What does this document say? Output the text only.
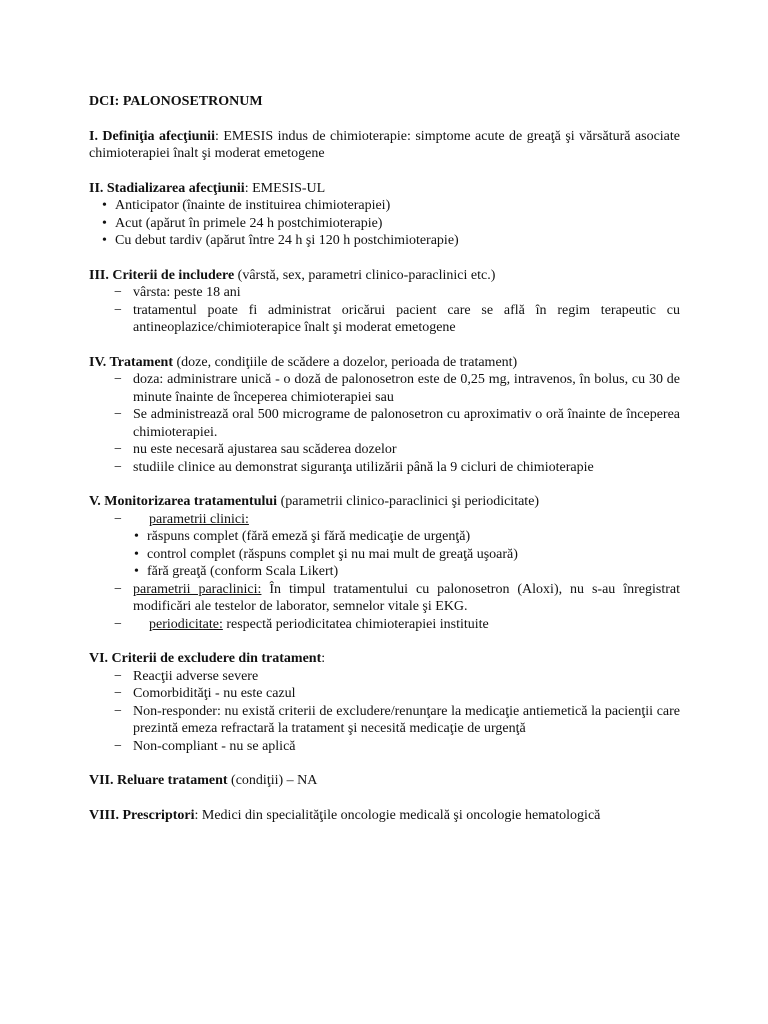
DCI: PALONOSETRONUM

I. Definiţia afecţiunii: EMESIS indus de chimioterapie: simptome acute de greaţă şi vărsătură asociate chimioterapiei înalt şi moderat emetogene

II. Stadializarea afecţiunii: EMESIS-UL

• Anticipator (înainte de instituirea chimioterapiei)
• Acut (apărut în primele 24 h postchimioterapie)
• Cu debut tardiv (apărut între 24 h şi 120 h postchimioterapie)

III. Criterii de includere (vârstă, sex, parametri clinico-paraclinici etc.)

− vârsta: peste 18 ani
− tratamentul poate fi administrat oricărui pacient care se află în regim terapeutic cu antineoplazice/chimioterapice înalt şi moderat emetogene

IV. Tratament (doze, condiţiile de scădere a dozelor, perioada de tratament)

− doza: administrare unică - o doză de palonosetron este de 0,25 mg, intravenos, în bolus, cu 30 de minute înainte de începerea chimioterapiei sau
− Se administrează oral 500 micrograme de palonosetron cu aproximativ o oră înainte de începerea chimioterapiei.
− nu este necesară ajustarea sau scăderea dozelor
− studiile clinice au demonstrat siguranţa utilizării până la 9 cicluri de chimioterapie

V. Monitorizarea tratamentului (parametrii clinico-paraclinici şi periodicitate)

− parametrii clinici:
• răspuns complet (fără emeză şi fără medicaţie de urgenţă)
• control complet (răspuns complet şi nu mai mult de greaţă uşoară)
• fără greaţă (conform Scala Likert)
− parametrii paraclinici: În timpul tratamentului cu palonosetron (Aloxi), nu s-au înregistrat modificări ale testelor de laborator, semnelor vitale şi EKG.
− periodicitate: respectă periodicitatea chimioterapiei instituite

VI. Criterii de excludere din tratament:

− Reacţii adverse severe
− Comorbidităţi - nu este cazul
− Non-responder: nu există criterii de excludere/renunţare la medicaţie antiemetică la pacienţii care prezintă emeza refractară la tratament şi necesită medicaţie de urgenţă
− Non-compliant - nu se aplică

VII. Reluare tratament (condiţii) – NA

VIII. Prescriptori: Medici din specialităţile oncologie medicală şi oncologie hematologică
